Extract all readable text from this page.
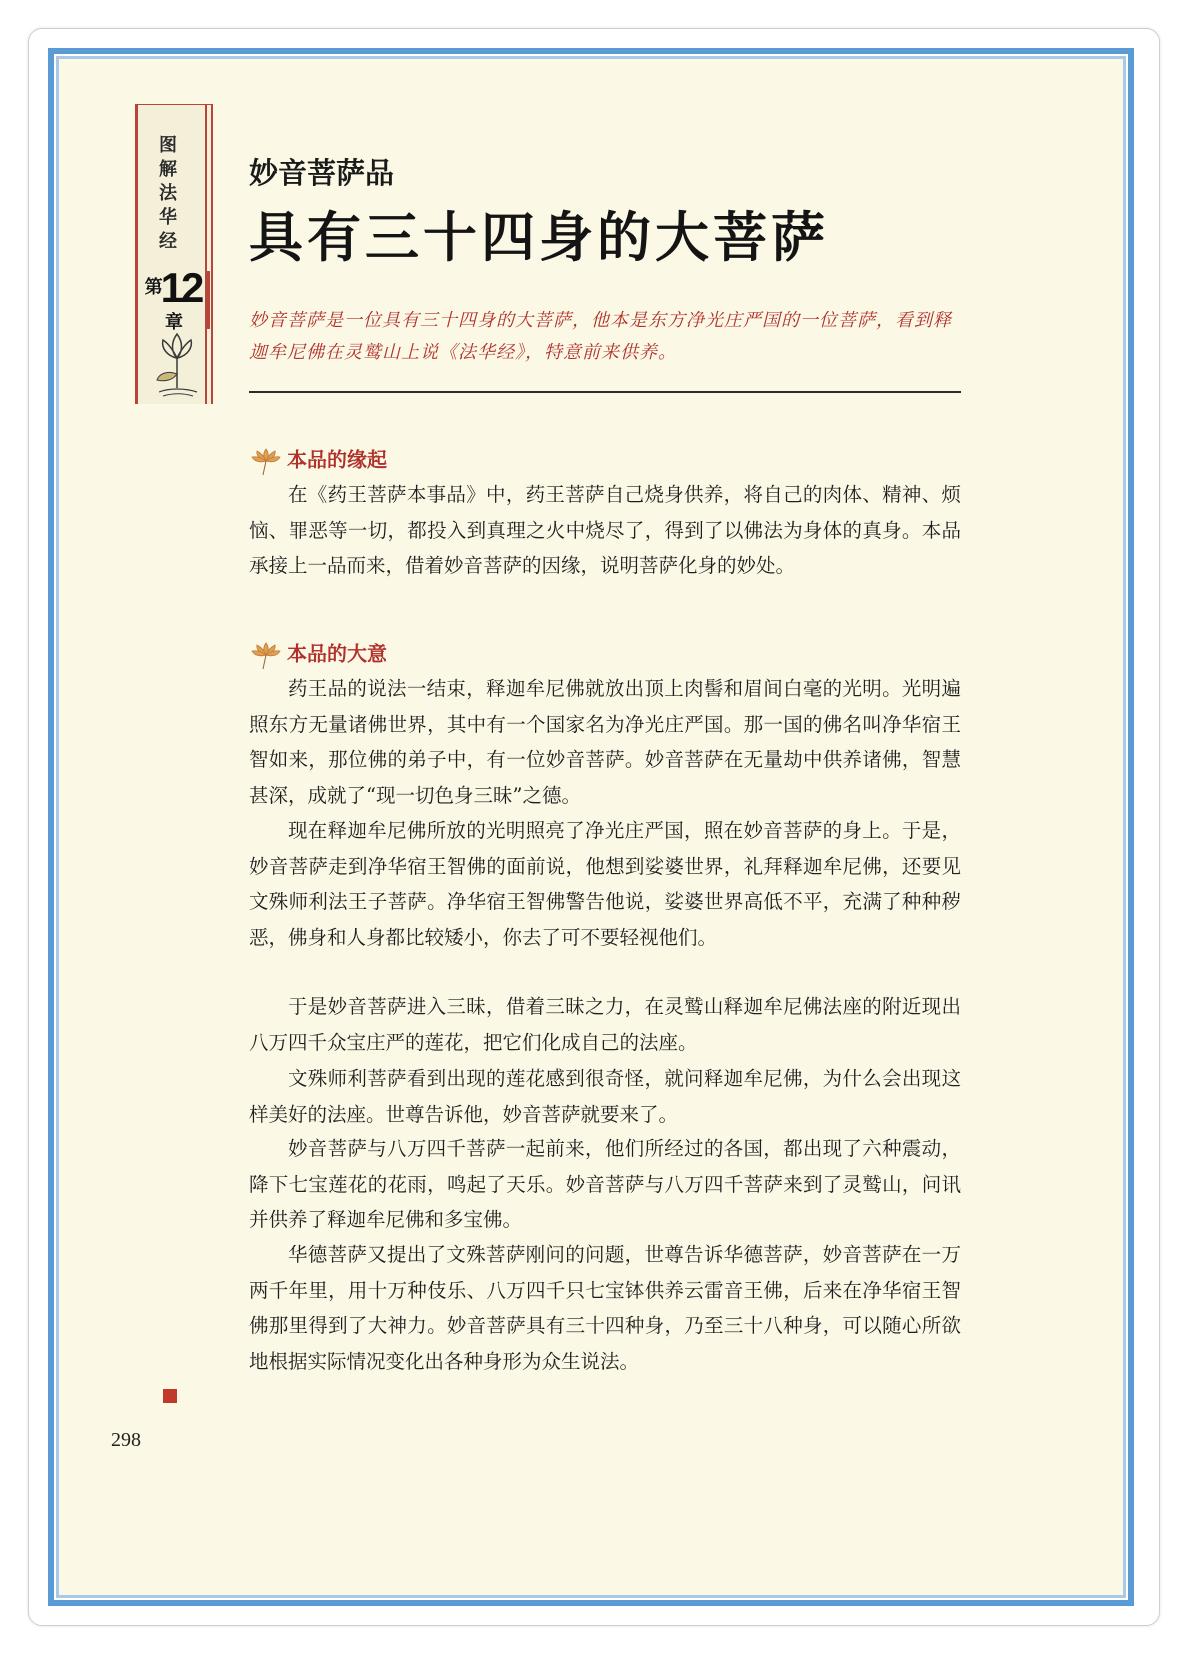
图
解
法
华
经
第12章
妙音菩萨品
具有三十四身的大菩萨
妙音菩萨是一位具有三十四身的大菩萨，他本是东方净光庄严国的一位菩萨，看到释迦牟尼佛在灵鹫山上说《法华经》，特意前来供养。
本品的缘起
在《药王菩萨本事品》中，药王菩萨自己烧身供养，将自己的肉体、精神、烦恼、罪恶等一切，都投入到真理之火中烧尽了，得到了以佛法为身体的真身。本品承接上一品而来，借着妙音菩萨的因缘，说明菩萨化身的妙处。
本品的大意
药王品的说法一结束，释迦牟尼佛就放出顶上肉髻和眉间白毫的光明。光明遍照东方无量诸佛世界，其中有一个国家名为净光庄严国。那一国的佛名叫净华宿王智如来，那位佛的弟子中，有一位妙音菩萨。妙音菩萨在无量劫中供养诸佛，智慧甚深，成就了“现一切色身三昧”之德。
现在释迦牟尼佛所放的光明照亮了净光庄严国，照在妙音菩萨的身上。于是，妙音菩萨走到净华宿王智佛的面前说，他想到娑婆世界，礼拜释迦牟尼佛，还要见文殊师利法王子菩萨。净华宿王智佛警告他说，娑婆世界高低不平，充满了种种秽恶，佛身和人身都比较矮小，你去了可不要轻视他们。
于是妙音菩萨进入三昧，借着三昧之力，在灵鹫山释迦牟尼佛法座的附近现出八万四千众宝庄严的莲花，把它们化成自己的法座。
文殊师利菩萨看到出现的莲花感到很奇怪，就问释迦牟尼佛，为什么会出现这样美好的法座。世尊告诉他，妙音菩萨就要来了。
妙音菩萨与八万四千菩萨一起前来，他们所经过的各国，都出现了六种震动，降下七宝莲花的花雨，鸣起了天乐。妙音菩萨与八万四千菩萨来到了灵鹫山，问讯并供养了释迦牟尼佛和多宝佛。
华德菩萨又提出了文殊菩萨刚问的问题，世尊告诉华德菩萨，妙音菩萨在一万两千年里，用十万种伎乐、八万四千只七宝钵供养云雷音王佛，后来在净华宿王智佛那里得到了大神力。妙音菩萨具有三十四种身，乃至三十八种身，可以随心所欲地根据实际情况变化出各种身形为众生说法。
298
